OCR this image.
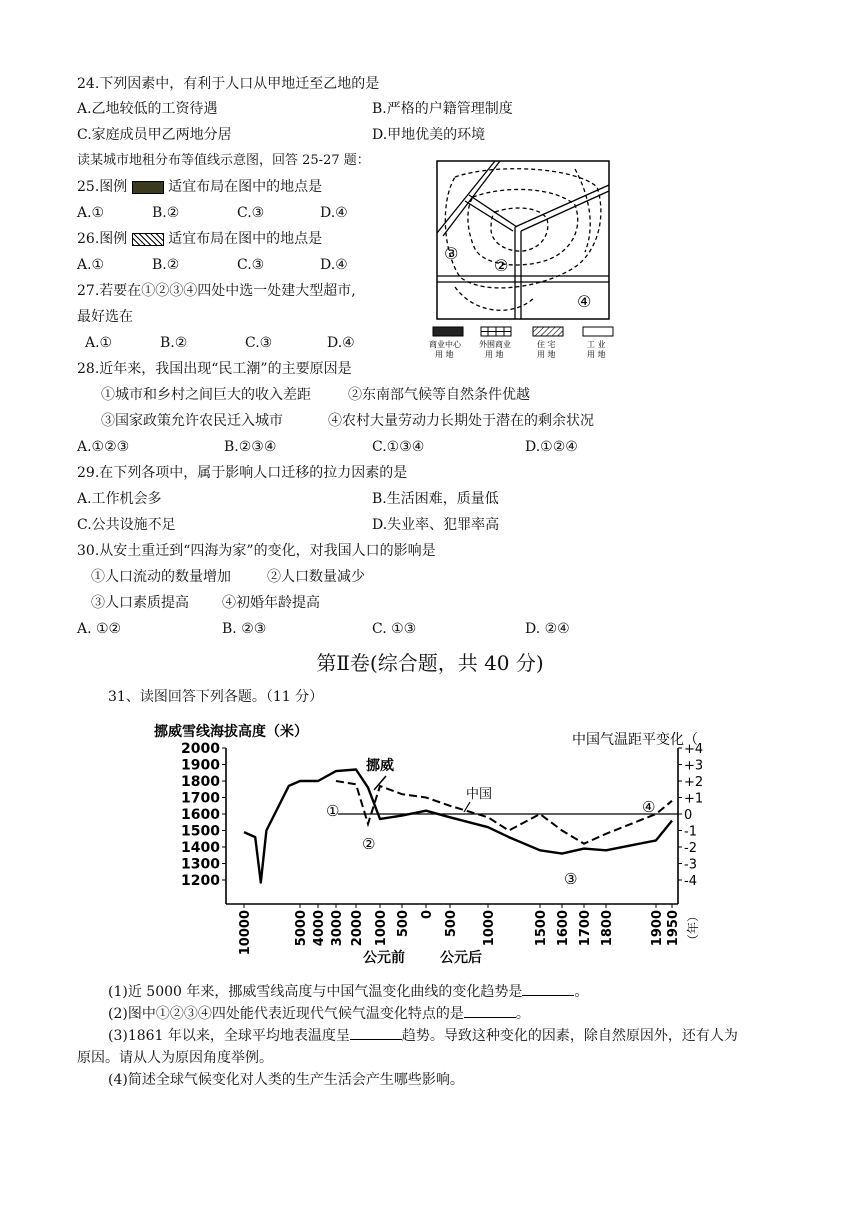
24.下列因素中，有利于人口从甲地迁至乙地的是
A.乙地较低的工资待遇	B.严格的户籍管理制度
C.家庭成员甲乙两地分居	D.甲地优美的环境
读某城市地租分布等值线示意图，回答 25-27 题：
25.图例	适宜布局在图中的地点是
A.①	B.②	C.③	D.④
26.图例	适宜布局在图中的地点是
A.①	B.②	C.③	D.④
27.若要在①②③④四处中选一处建大型超市,
最好选在
A.①	B.②	C.③	D.④
③
②
④
商业中心
用 地
外围商业
用 地
住 宅
用 地
工 业
用 地
28.近年来，我国出现“民工潮”的主要原因是
①城市和乡村之间巨大的收入差距	②东南部气候等自然条件优越
③国家政策允许农民迁入城市	④农村大量劳动力长期处于潜在的剩余状况
A.①②③	B.②③④	C.①③④	D.①②④
29.在下列各项中，属于影响人口迁移的拉力因素的是
A.工作机会多	B.生活困难，质量低
C.公共设施不足	D.失业率、犯罪率高
30.从安土重迁到“四海为家”的变化，对我国人口的影响是
①人口流动的数量增加	②人口数量减少
③人口素质提高 ④初婚年龄提高
A. ①②	B. ②③	C. ①③	D. ②④
第Ⅱ卷(综合题，共 40 分)
31、读图回答下列各题。（11 分）
挪威雪线海拔高度（米）	中国气温距平变化（
2000
1900
1800
1700
1600
1500
1400
1300
1200
+4
+3
+2
+1
0
-1
-2
-3
-4
10000	5000 4000 3000 2000 1000 500 0 500 1000	1500 1600 1700 1800	1900 1950 （年）
公元前	公元后
挪威
中国
①
②
③
④
(1)近 5000 年来，挪威雪线高度与中国气温变化曲线的变化趋势是	。
(2)图中①②③④四处能代表近现代气候气温变化特点的是	。
(3)1861 年以来，全球平均地表温度呈	趋势。导致这种变化的因素，除自然原因外，还有人为
原因。请从人为原因角度举例。
(4)简述全球气候变化对人类的生产生活会产生哪些影响。
